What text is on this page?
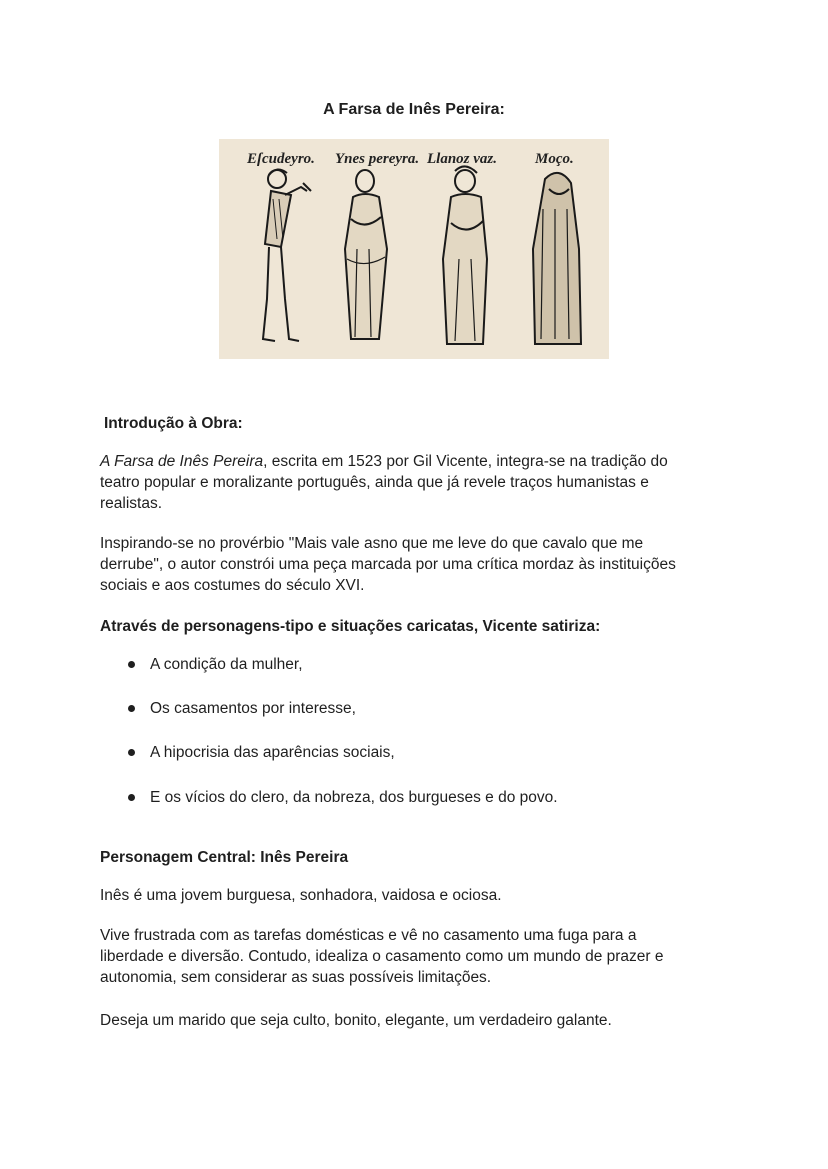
A Farsa de Inês Pereira:
Eſcudeyro. Ynes pereyra. Llanoz vaz.	Moço.
Introdução à Obra:
A Farsa de Inês Pereira, escrita em 1523 por Gil Vicente, integra-se na tradição do
teatro popular e moralizante português, ainda que já revele traços humanistas e
realistas.
Inspirando-se no provérbio "Mais vale asno que me leve do que cavalo que me
derrube", o autor constrói uma peça marcada por uma crítica mordaz às instituições
sociais e aos costumes do século XVI.
Através de personagens-tipo e situações caricatas, Vicente satiriza:
A condição da mulher,
Os casamentos por interesse,
A hipocrisia das aparências sociais,
E os vícios do clero, da nobreza, dos burgueses e do povo.
Personagem Central: Inês Pereira
Inês é uma jovem burguesa, sonhadora, vaidosa e ociosa.
Vive frustrada com as tarefas domésticas e vê no casamento uma fuga para a
liberdade e diversão. Contudo, idealiza o casamento como um mundo de prazer e
autonomia, sem considerar as suas possíveis limitações.
Deseja um marido que seja culto, bonito, elegante, um verdadeiro galante.
